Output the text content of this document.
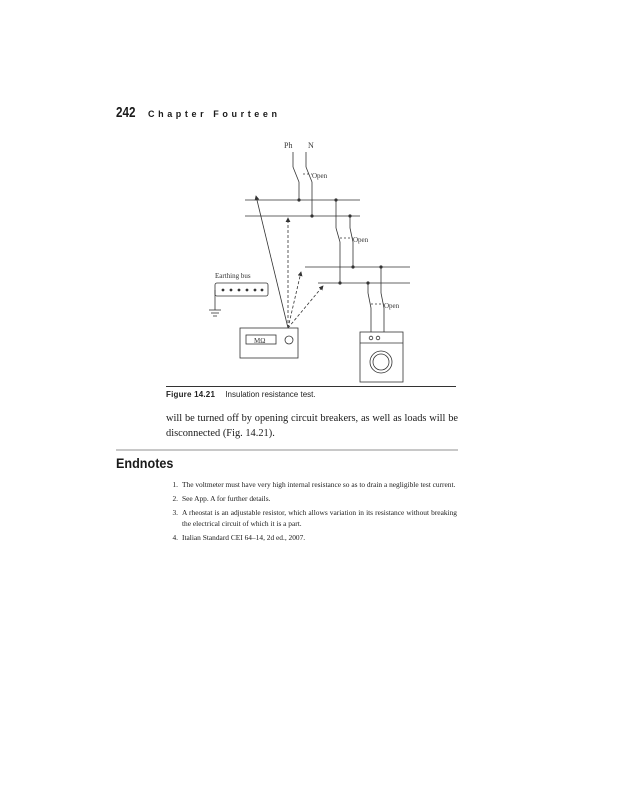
242 Chapter Fourteen
Ph N
Open
Open
Open
Earthing bus
MΩ
Figure 14.21 Insulation resistance test.

will be turned off by opening circuit breakers, as well as loads will be disconnected (Fig. 14.21).

Endnotes
1. The voltmeter must have very high internal resistance so as to drain a negligible test current.
2. See App. A for further details.
3. A rheostat is an adjustable resistor, which allows variation in its resistance without breaking the electrical circuit of which it is a part.
4. Italian Standard CEI 64–14, 2d ed., 2007.
